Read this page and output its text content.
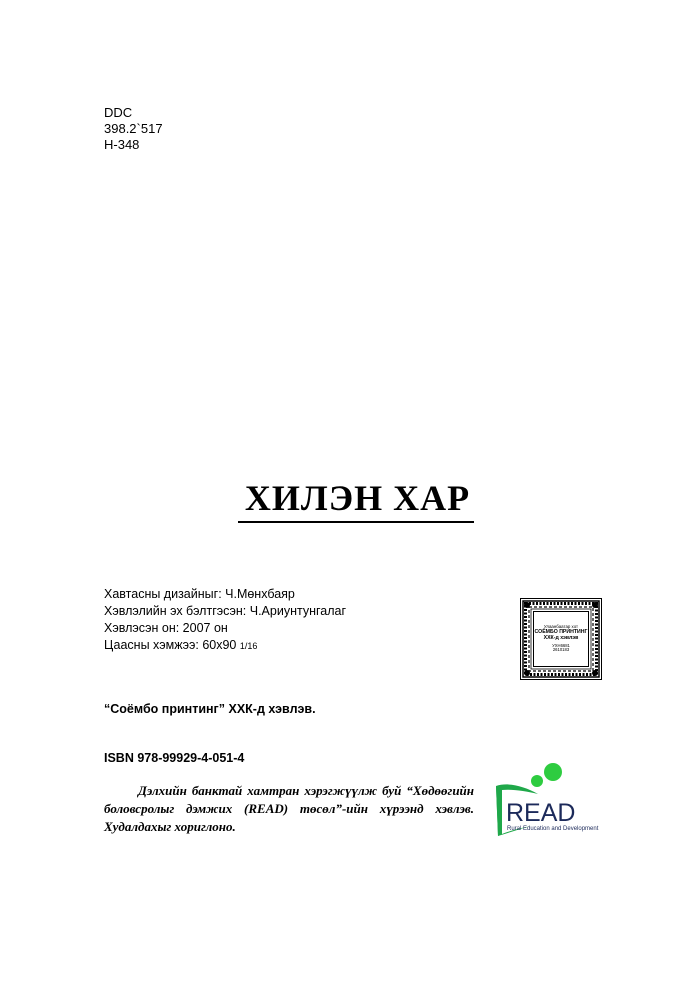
DDC
398.2`517
Н-348
ХИЛЭН ХАР
Хавтасны дизайныг: Ч.Мөнхбаяр
Хэвлэлийн эх бэлтгэсэн: Ч.Ариунтунгалаг
Хэвлэсэн он: 2007 он
Цаасны хэмжээ: 60х90 1/16
Улаанбаатар хот
СОЁМБО ПРИНТИНГ
ХХК-д хэвлэв
УХН6681
2610183
“Соёмбо принтинг” ХХК-д хэвлэв.
ISBN 978-99929-4-051-4
Дэлхийн банктай хамтран хэрэгжүүлж буй “Хөдөөгийн боловсролыг дэмжих (READ) төсөл”-ийн хүрээнд хэвлэв. Худалдахыг хориглоно.	READ
Rural Education and Development
